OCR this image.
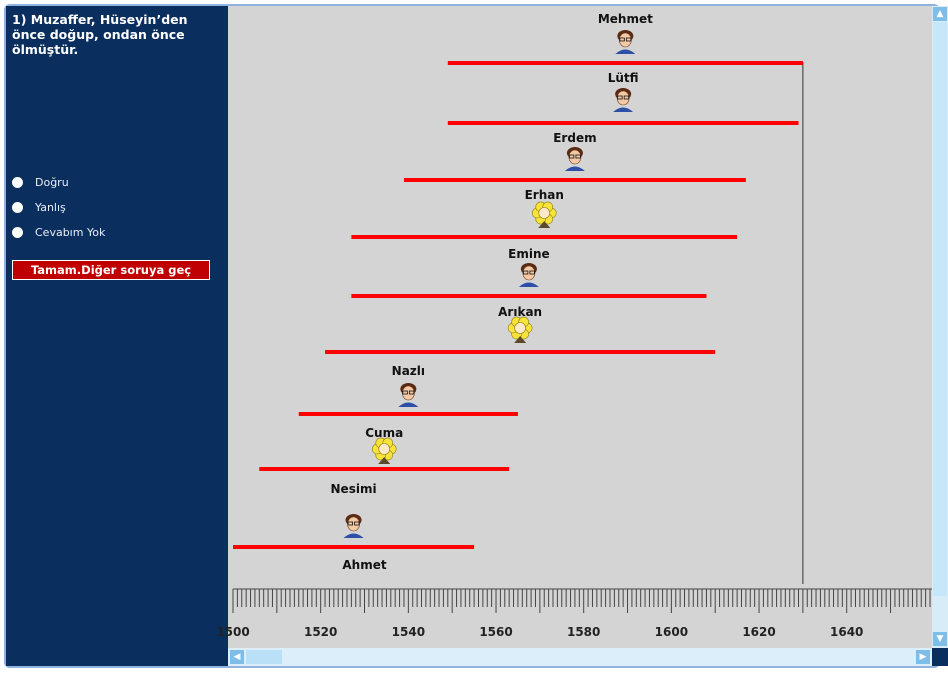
1) Muzaffer, Hüseyin’den önce doğup, ondan önce ölmüştür.
Doğru
Yanlış
Cevabım Yok
Tamam.Diğer soruya geç
Mehmet
Lütfi
Erdem
Erhan
Emine
Arıkan
Nazlı
Cuma
Nesimi
Ahmet
1500	1520	1540	1560	1580	1600	1620	1640
▲
▼
◀	▶
